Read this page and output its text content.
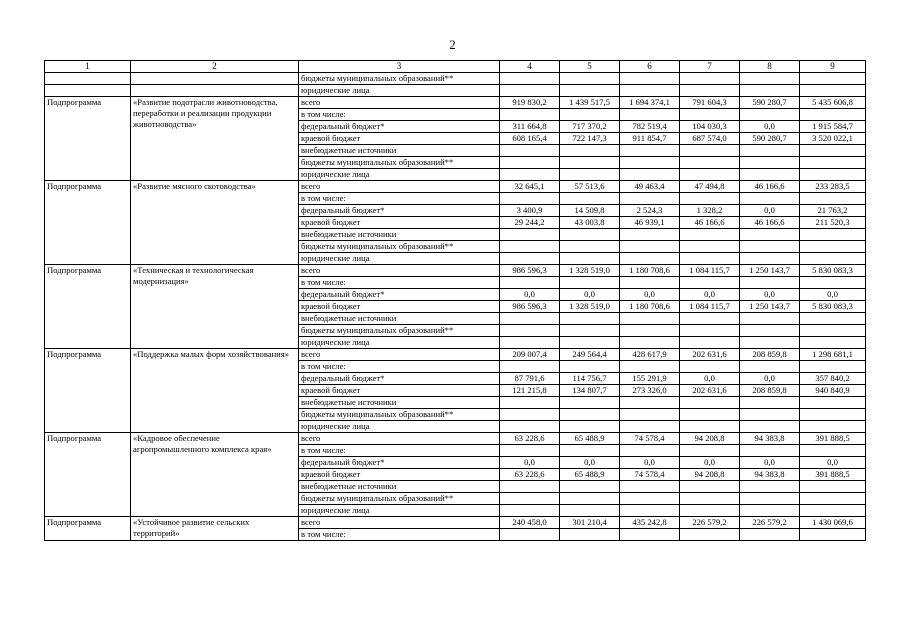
2
1	2	3	4	5	6	7	8	9
		бюджеты муниципальных образований**						
		юридические лица						
Подпрограмма	«Развитие подотрасли животноводства, переработки и реализации продукции животноводства»	всего	919 830,2	1 439 517,5	1 694 374,1	791 604,3	590 280,7	5 435 606,8
		в том числе:						
		федеральный бюджет*	311 664,8	717 370,2	782 519,4	104 030,3	0,0	1 915 584,7
		краевой бюджет	608 165,4	722 147,3	911 854,7	687 574,0	590 280,7	3 520 022,1
		внебюджетные источники						
		бюджеты муниципальных образований**						
		юридические лица						
Подпрограмма	«Развитие мясного скотоводства»	всего	32 645,1	57 513,6	49 463,4	47 494,8	46 166,6	233 283,5
		в том числе:						
		федеральный бюджет*	3 400,9	14 509,8	2 524,3	1 328,2	0,0	21 763,2
		краевой бюджет	29 244,2	43 003,8	46 939,1	46 166,6	46 166,6	211 520,3
		внебюджетные источники						
		бюджеты муниципальных образований**						
		юридические лица						
Подпрограмма	«Техническая и технологическая модернизация»	всего	986 596,3	1 328 519,0	1 180 708,6	1 084 115,7	1 250 143,7	5 830 083,3
		в том числе:						
		федеральный бюджет*	0,0	0,0	0,0	0,0	0,0	0,0
		краевой бюджет	986 596,3	1 328 519,0	1 180 708,6	1 084 115,7	1 250 143,7	5 830 083,3
		внебюджетные источники						
		бюджеты муниципальных образований**						
		юридические лица						
Подпрограмма	«Поддержка малых форм хозяйствования»	всего	209 007,4	249 564,4	428 617,9	202 631,6	208 859,8	1 298 681,1
		в том числе:						
		федеральный бюджет*	87 791,6	114 756,7	155 291,9	0,0	0,0	357 840,2
		краевой бюджет	121 215,8	134 807,7	273 326,0	202 631,6	208 859,8	940 840,9
		внебюджетные источники						
		бюджеты муниципальных образований**						
		юридические лица						
Подпрограмма	«Кадровое обеспечение агропромышленного комплекса края»	всего	63 228,6	65 488,9	74 578,4	94 208,8	94 383,8	391 888,5
		в том числе:						
		федеральный бюджет*	0,0	0,0	0,0	0,0	0,0	0,0
		краевой бюджет	63 228,6	65 488,9	74 578,4	94 208,8	94 383,8	391 888,5
		внебюджетные источники						
		бюджеты муниципальных образований**						
		юридические лица						
Подпрограмма	«Устойчивое развитие сельских территорий»	всего	240 458,0	301 210,4	435 242,8	226 579,2	226 579,2	1 430 069,6
		в том числе:						
